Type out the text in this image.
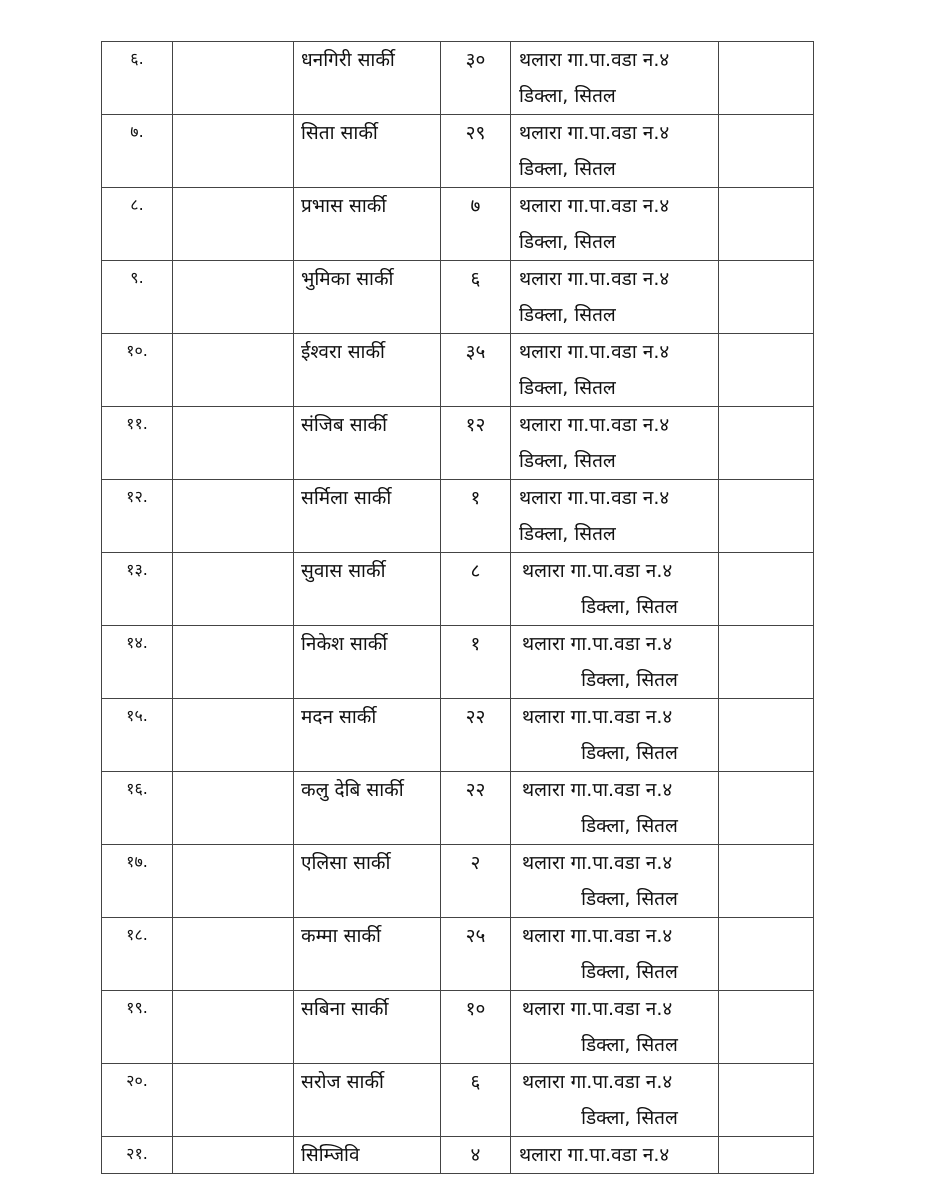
६.		धनगिरी सार्की	३०	थलारा गा.पा.वडा न.४
डिक्ला, सितल	

७.		सिता सार्की	२९	थलारा गा.पा.वडा न.४
डिक्ला, सितल	

८.		प्रभास सार्की	७	थलारा गा.पा.वडा न.४
डिक्ला, सितल	

९.		भुमिका सार्की	६	थलारा गा.पा.वडा न.४
डिक्ला, सितल	

१०.		ईश्वरा सार्की	३५	थलारा गा.पा.वडा न.४
डिक्ला, सितल	

११.		संजिब सार्की	१२	थलारा गा.पा.वडा न.४
डिक्ला, सितल	

१२.		सर्मिला सार्की	१	थलारा गा.पा.वडा न.४
डिक्ला, सितल	

१३.		सुवास सार्की	८	थलारा गा.पा.वडा न.४
डिक्ला, सितल	

१४.		निकेश सार्की	१	थलारा गा.पा.वडा न.४
डिक्ला, सितल	

१५.		मदन सार्की	२२	थलारा गा.पा.वडा न.४
डिक्ला, सितल	

१६.		कलु देबि सार्की	२२	थलारा गा.पा.वडा न.४
डिक्ला, सितल	

१७.		एलिसा सार्की	२	थलारा गा.पा.वडा न.४
डिक्ला, सितल	

१८.		कम्मा सार्की	२५	थलारा गा.पा.वडा न.४
डिक्ला, सितल	

१९.		सबिना सार्की	१०	थलारा गा.पा.वडा न.४
डिक्ला, सितल	

२०.		सरोज सार्की	६	थलारा गा.पा.वडा न.४
डिक्ला, सितल	

२१.		सिम्जिवि	४	थलारा गा.पा.वडा न.४	
